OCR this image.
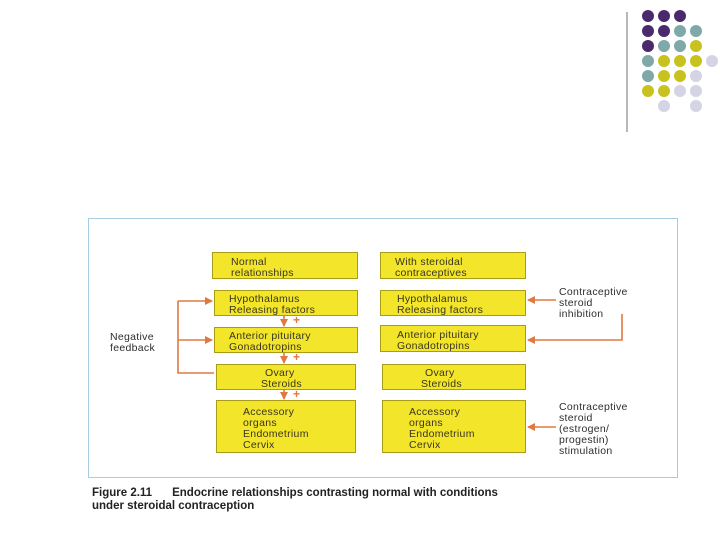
Normal
relationships
Hypothalamus
Releasing factors
Anterior pituitary
Gonadotropins
Ovary
Steroids
Accessory
organs
Endometrium
Cervix
With steroidal
contraceptives
Hypothalamus
Releasing factors
Anterior pituitary
Gonadotropins
Ovary
Steroids
Accessory
organs
Endometrium
Cervix
+
+
+
Negative
feedback
Contraceptive
steroid
inhibition
Contraceptive
steroid
(estrogen/
progestin)
stimulation
Figure 2.11 Endocrine relationships contrasting normal with conditions
under steroidal contraception
